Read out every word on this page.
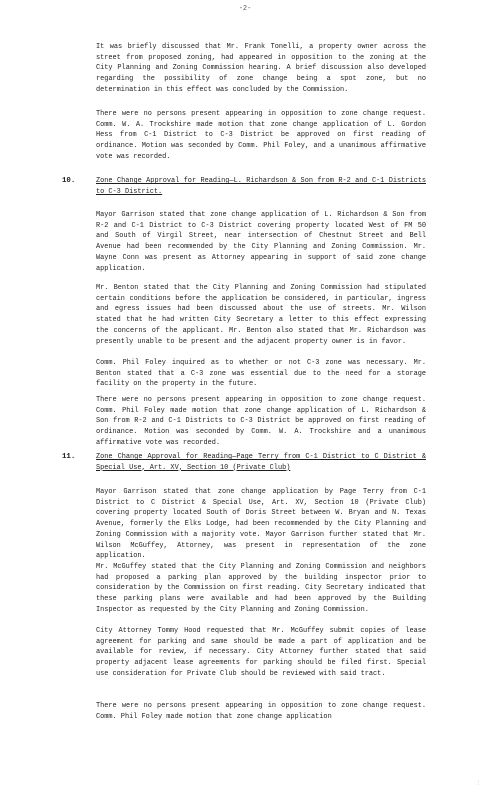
-2-
It was briefly discussed that Mr. Frank Tonelli, a property owner across the street from proposed zoning, had appeared in opposition to the zoning at the City Planning and Zoning Commission hearing. A brief discussion also developed regarding the possibility of zone change being a spot zone, but no determination in this effect was concluded by the Commission.
There were no persons present appearing in opposition to zone change request. Comm. W. A. Trockshire made motion that zone change application of L. Gordon Hess from C-1 District to C-3 District be approved on first reading of ordinance. Motion was seconded by Comm. Phil Foley, and a unanimous affirmative vote was recorded.
10.	Zone Change Approval for Reading—L. Richardson & Son from R-2 and C-1 Districts to C-3 District.
Mayor Garrison stated that zone change application of L. Richardson & Son from R-2 and C-1 District to C-3 District covering property located West of FM 50 and South of Virgil Street, near intersection of Chestnut Street and Bell Avenue had been recommended by the City Planning and Zoning Commission. Mr. Wayne Conn was present as Attorney appearing in support of said zone change application.
Mr. Benton stated that the City Planning and Zoning Commission had stipulated certain conditions before the application be considered, in particular, ingress and egress issues had been discussed about the use of streets. Mr. Wilson stated that he had written City Secretary a letter to this effect expressing the concerns of the applicant. Mr. Benton also stated that Mr. Richardson was presently unable to be present and the adjacent property owner is in favor.
Comm. Phil Foley inquired as to whether or not C-3 zone was necessary. Mr. Benton stated that a C-3 zone was essential due to the need for a storage facility on the property in the future.
There were no persons present appearing in opposition to zone change request. Comm. Phil Foley made motion that zone change application of L. Richardson & Son from R-2 and C-1 Districts to C-3 District be approved on first reading of ordinance. Motion was seconded by Comm. W. A. Trockshire and a unanimous affirmative vote was recorded.
11.	Zone Change Approval for Reading—Page Terry from C-1 District to C District & Special Use, Art. XV, Section 10 (Private Club)
Mayor Garrison stated that zone change application by Page Terry from C-1 District to C District & Special Use, Art. XV, Section 10 (Private Club) covering property located South of Doris Street between W. Bryan and N. Texas Avenue, formerly the Elks Lodge, had been recommended by the City Planning and Zoning Commission with a majority vote. Mayor Garrison further stated that Mr. Wilson McGuffey, Attorney, was present in representation of the zone application.
Mr. McGuffey stated that the City Planning and Zoning Commission and neighbors had proposed a parking plan approved by the building inspector prior to consideration by the Commission on first reading. City Secretary indicated that these parking plans were available and had been approved by the Building Inspector as requested by the City Planning and Zoning Commission.
City Attorney Tommy Hood requested that Mr. McGuffey submit copies of lease agreement for parking and same should be made a part of application and be available for review, if necessary. City Attorney further stated that said property adjacent lease agreements for parking should be filed first. Special use consideration for Private Club should be reviewed with said tract.
There were no persons present appearing in opposition to zone change request. Comm. Phil Foley made motion that zone change application
⋮
